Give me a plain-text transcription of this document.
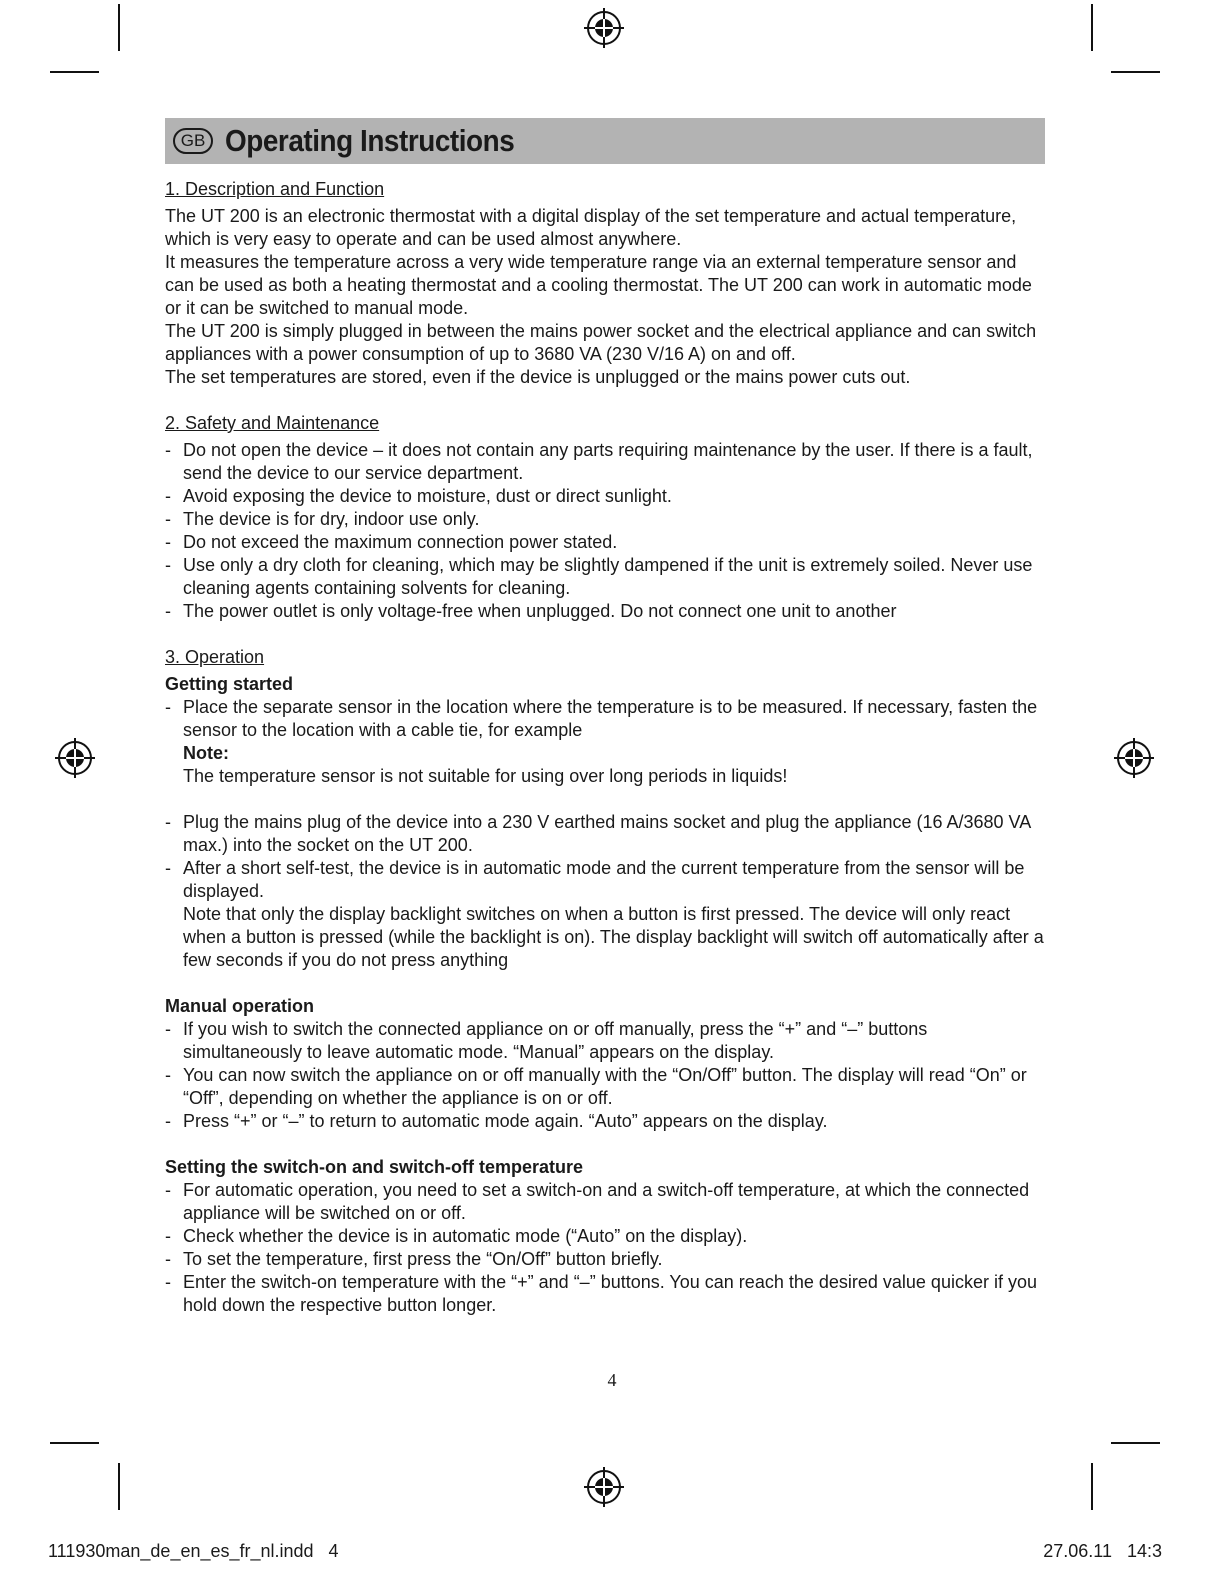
GB Operating Instructions

1. Description and Function

The UT 200 is an electronic thermostat with a digital display of the set temperature and actual temperature, which is very easy to operate and can be used almost anywhere.

It measures the temperature across a very wide temperature range via an external temperature sensor and can be used as both a heating thermostat and a cooling thermostat. The UT 200 can work in automatic mode or it can be switched to manual mode.

The UT 200 is simply plugged in between the mains power socket and the electrical appliance and can switch appliances with a power consumption of up to 3680 VA (230 V/16 A) on and off.

The set temperatures are stored, even if the device is unplugged or the mains power cuts out.

2. Safety and Maintenance

- Do not open the device – it does not contain any parts requiring maintenance by the user. If there is a fault, send the device to our service department.
- Avoid exposing the device to moisture, dust or direct sunlight.
- The device is for dry, indoor use only.
- Do not exceed the maximum connection power stated.
- Use only a dry cloth for cleaning, which may be slightly dampened if the unit is extremely soiled. Never use cleaning agents containing solvents for cleaning.
- The power outlet is only voltage-free when unplugged. Do not connect one unit to another

3. Operation

Getting started

- Place the separate sensor in the location where the temperature is to be measured. If necessary, fasten the sensor to the location with a cable tie, for example
Note:
The temperature sensor is not suitable for using over long periods in liquids!
- Plug the mains plug of the device into a 230 V earthed mains socket and plug the appliance (16 A/3680 VA max.) into the socket on the UT 200.
- After a short self-test, the device is in automatic mode and the current temperature from the sensor will be displayed.
Note that only the display backlight switches on when a button is first pressed. The device will only react when a button is pressed (while the backlight is on). The display backlight will switch off automatically after a few seconds if you do not press anything

Manual operation

- If you wish to switch the connected appliance on or off manually, press the “+” and “–” buttons simultaneously to leave automatic mode. “Manual” appears on the display.
- You can now switch the appliance on or off manually with the “On/Off” button. The display will read “On” or “Off”, depending on whether the appliance is on or off.
- Press “+” or “–” to return to automatic mode again. “Auto” appears on the display.

Setting the switch-on and switch-off temperature

- For automatic operation, you need to set a switch-on and a switch-off temperature, at which the connected appliance will be switched on or off.
- Check whether the device is in automatic mode (“Auto” on the display).
- To set the temperature, first press the “On/Off” button briefly.
- Enter the switch-on temperature with the “+” and “–” buttons. You can reach the desired value quicker if you hold down the respective button longer.
4
111930man_de_en_es_fr_nl.indd   4	27.06.11   14:3
